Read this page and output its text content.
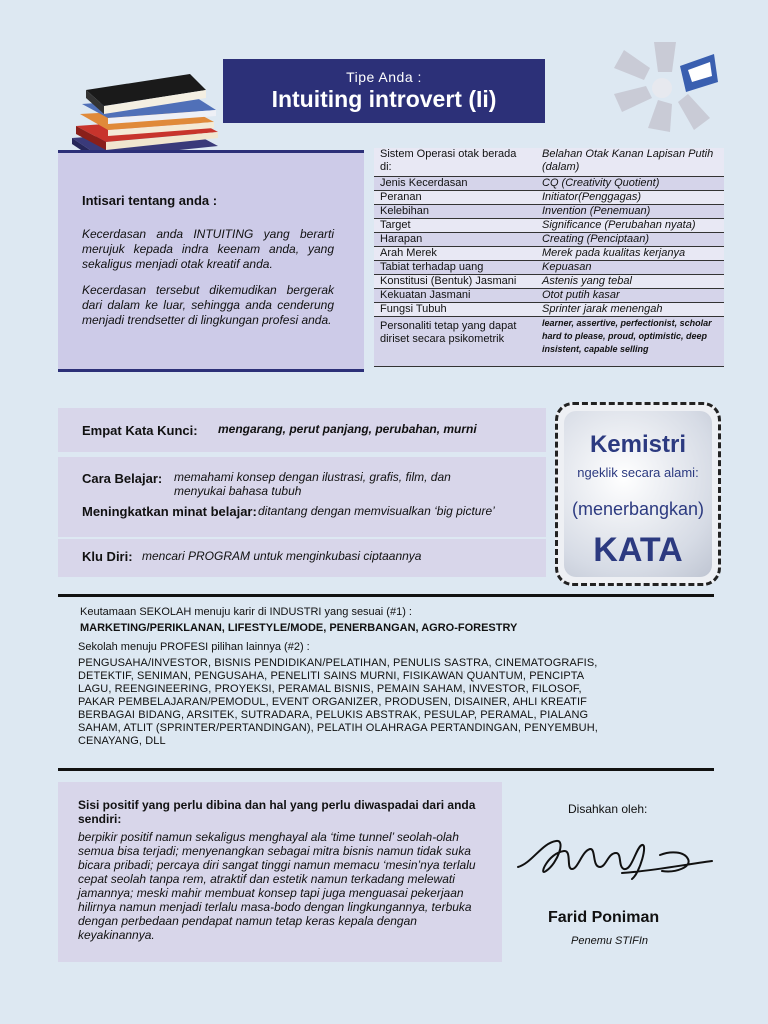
Tipe Anda :
Intuiting introvert (Ii)
Intisari tentang anda :

Kecerdasan anda INTUITING yang berarti merujuk kepada indra keenam anda, yang sekaligus menjadi otak kreatif anda.

Kecerdasan tersebut dikemudikan bergerak dari dalam ke luar, sehingga anda cenderung menjadi trendsetter di lingkungan profesi anda.

Sistem Operasi otak berada di:	Belahan Otak Kanan Lapisan Putih (dalam)
Jenis Kecerdasan	CQ (Creativity Quotient)
Peranan	Initiator(Penggagas)
Kelebihan	Invention (Penemuan)
Target	Significance (Perubahan nyata)
Harapan	Creating (Penciptaan)
Arah Merek	Merek pada kualitas kerjanya
Tabiat terhadap uang	Kepuasan
Konstitusi (Bentuk) Jasmani	Astenis yang tebal
Kekuatan Jasmani	Otot putih kasar
Fungsi Tubuh	Sprinter jarak menengah
Personaliti tetap yang dapat diriset secara psikometrik	learner, assertive, perfectionist, scholar hard to please, proud, optimistic, deep insistent, capable selling
Empat Kata Kunci: mengarang, perut panjang, perubahan, murni
Cara Belajar: memahami konsep dengan ilustrasi, grafis, film, dan menyukai bahasa tubuh
Meningkatkan minat belajar: ditantang dengan memvisualkan ‘big picture’
Klu Diri: mencari PROGRAM untuk menginkubasi ciptaannya
Kemistri
ngeklik secara alami:
(menerbangkan)
KATA
Keutamaan SEKOLAH menuju karir di INDUSTRI yang sesuai (#1) :
MARKETING/PERIKLANAN, LIFESTYLE/MODE, PENERBANGAN, AGRO-FORESTRY
Sekolah menuju PROFESI pilihan lainnya (#2) :
PENGUSAHA/INVESTOR, BISNIS PENDIDIKAN/PELATIHAN, PENULIS SASTRA, CINEMATOGRAFIS, DETEKTIF, SENIMAN, PENGUSAHA, PENELITI SAINS MURNI, FISIKAWAN QUANTUM, PENCIPTA LAGU, REENGINEERING, PROYEKSI, PERAMAL BISNIS, PEMAIN SAHAM, INVESTOR, FILOSOF, PAKAR PEMBELAJARAN/PEMODUL, EVENT ORGANIZER, PRODUSEN, DISAINER, AHLI KREATIF BERBAGAI BIDANG, ARSITEK, SUTRADARA, PELUKIS ABSTRAK, PESULAP, PERAMAL, PIALANG SAHAM, ATLIT (SPRINTER/PERTANDINGAN), PELATIH OLAHRAGA PERTANDINGAN, PENYEMBUH, CENAYANG, DLL
Sisi positif yang perlu dibina dan hal yang perlu diwaspadai dari anda sendiri:

berpikir positif namun sekaligus menghayal ala ‘time tunnel’ seolah-olah semua bisa terjadi; menyenangkan sebagai mitra bisnis namun tidak suka bicara pribadi; percaya diri sangat tinggi namun memacu ‘mesin’nya terlalu cepat seolah tanpa rem, atraktif dan estetik namun terkadang melewati jamannya; meski mahir membuat konsep tapi juga menguasai pekerjaan hilirnya namun menjadi terlalu masa-bodo dengan lingkungannya, terbuka dengan perbedaan pendapat namun tetap keras kepala dengan keyakinannya.

Disahkan oleh:
Farid Poniman
Penemu STIFIn
